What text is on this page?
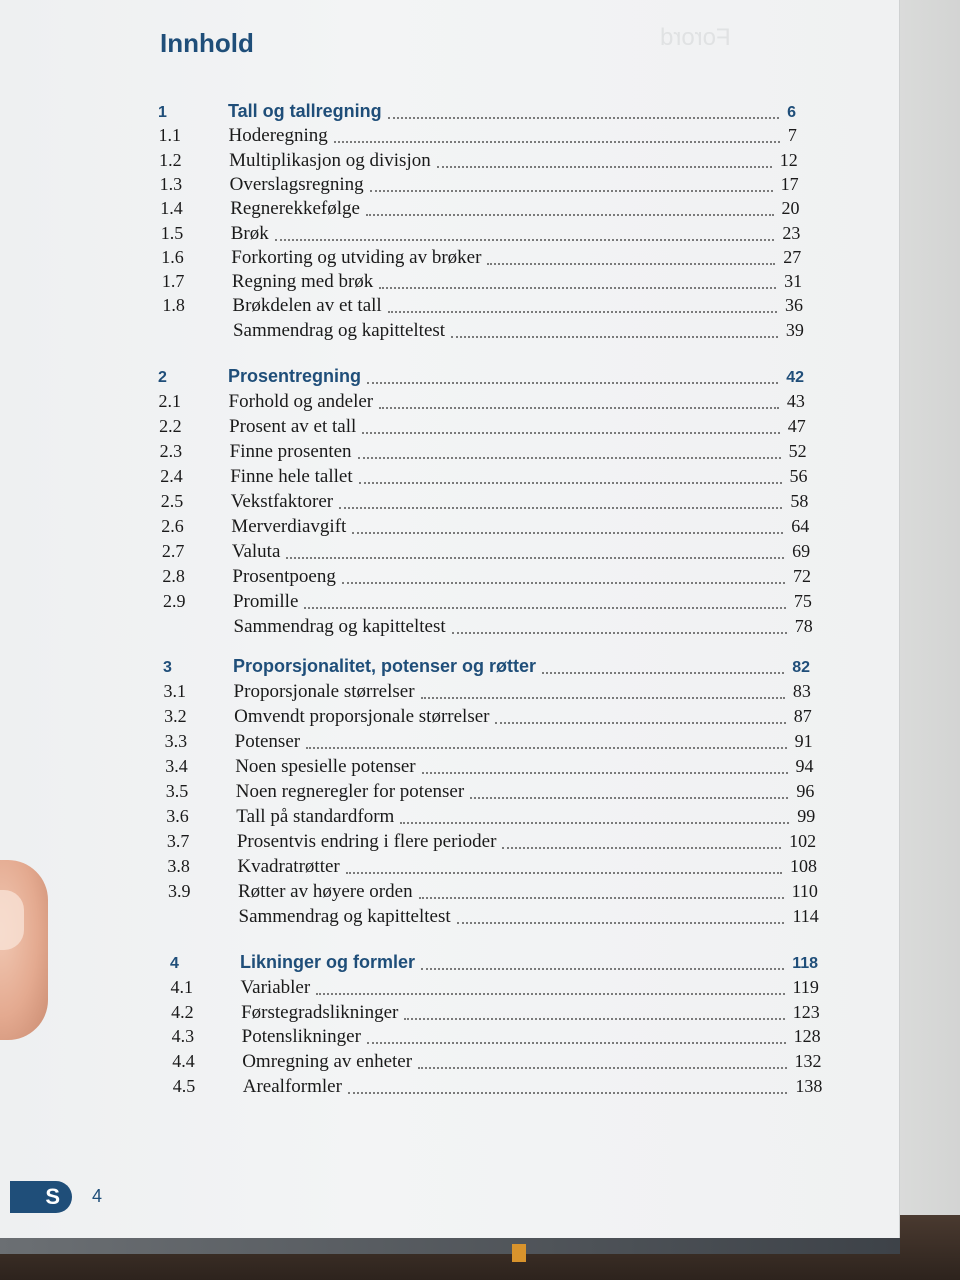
Forord
Innhold
1	Tall og tallregning	6
1.1	Hoderegning	7
1.2	Multiplikasjon og divisjon	12
1.3	Overslagsregning	17
1.4	Regnerekkefølge	20
1.5	Brøk	23
1.6	Forkorting og utviding av brøker	27
1.7	Regning med brøk	31
1.8	Brøkdelen av et tall	36
Sammendrag og kapitteltest	39
2	Prosentregning	42
2.1	Forhold og andeler	43
2.2	Prosent av et tall	47
2.3	Finne prosenten	52
2.4	Finne hele tallet	56
2.5	Vekstfaktorer	58
2.6	Merverdiavgift	64
2.7	Valuta	69
2.8	Prosentpoeng	72
2.9	Promille	75
Sammendrag og kapitteltest	78
3	Proporsjonalitet, potenser og røtter	82
3.1	Proporsjonale størrelser	83
3.2	Omvendt proporsjonale størrelser	87
3.3	Potenser	91
3.4	Noen spesielle potenser	94
3.5	Noen regneregler for potenser	96
3.6	Tall på standardform	99
3.7	Prosentvis endring i flere perioder	102
3.8	Kvadratrøtter	108
3.9	Røtter av høyere orden	110
Sammendrag og kapitteltest	114
4	Likninger og formler	118
4.1	Variabler	119
4.2	Førstegradslikninger	123
4.3	Potenslikninger	128
4.4	Omregning av enheter	132
4.5	Arealformler	138
S	4
